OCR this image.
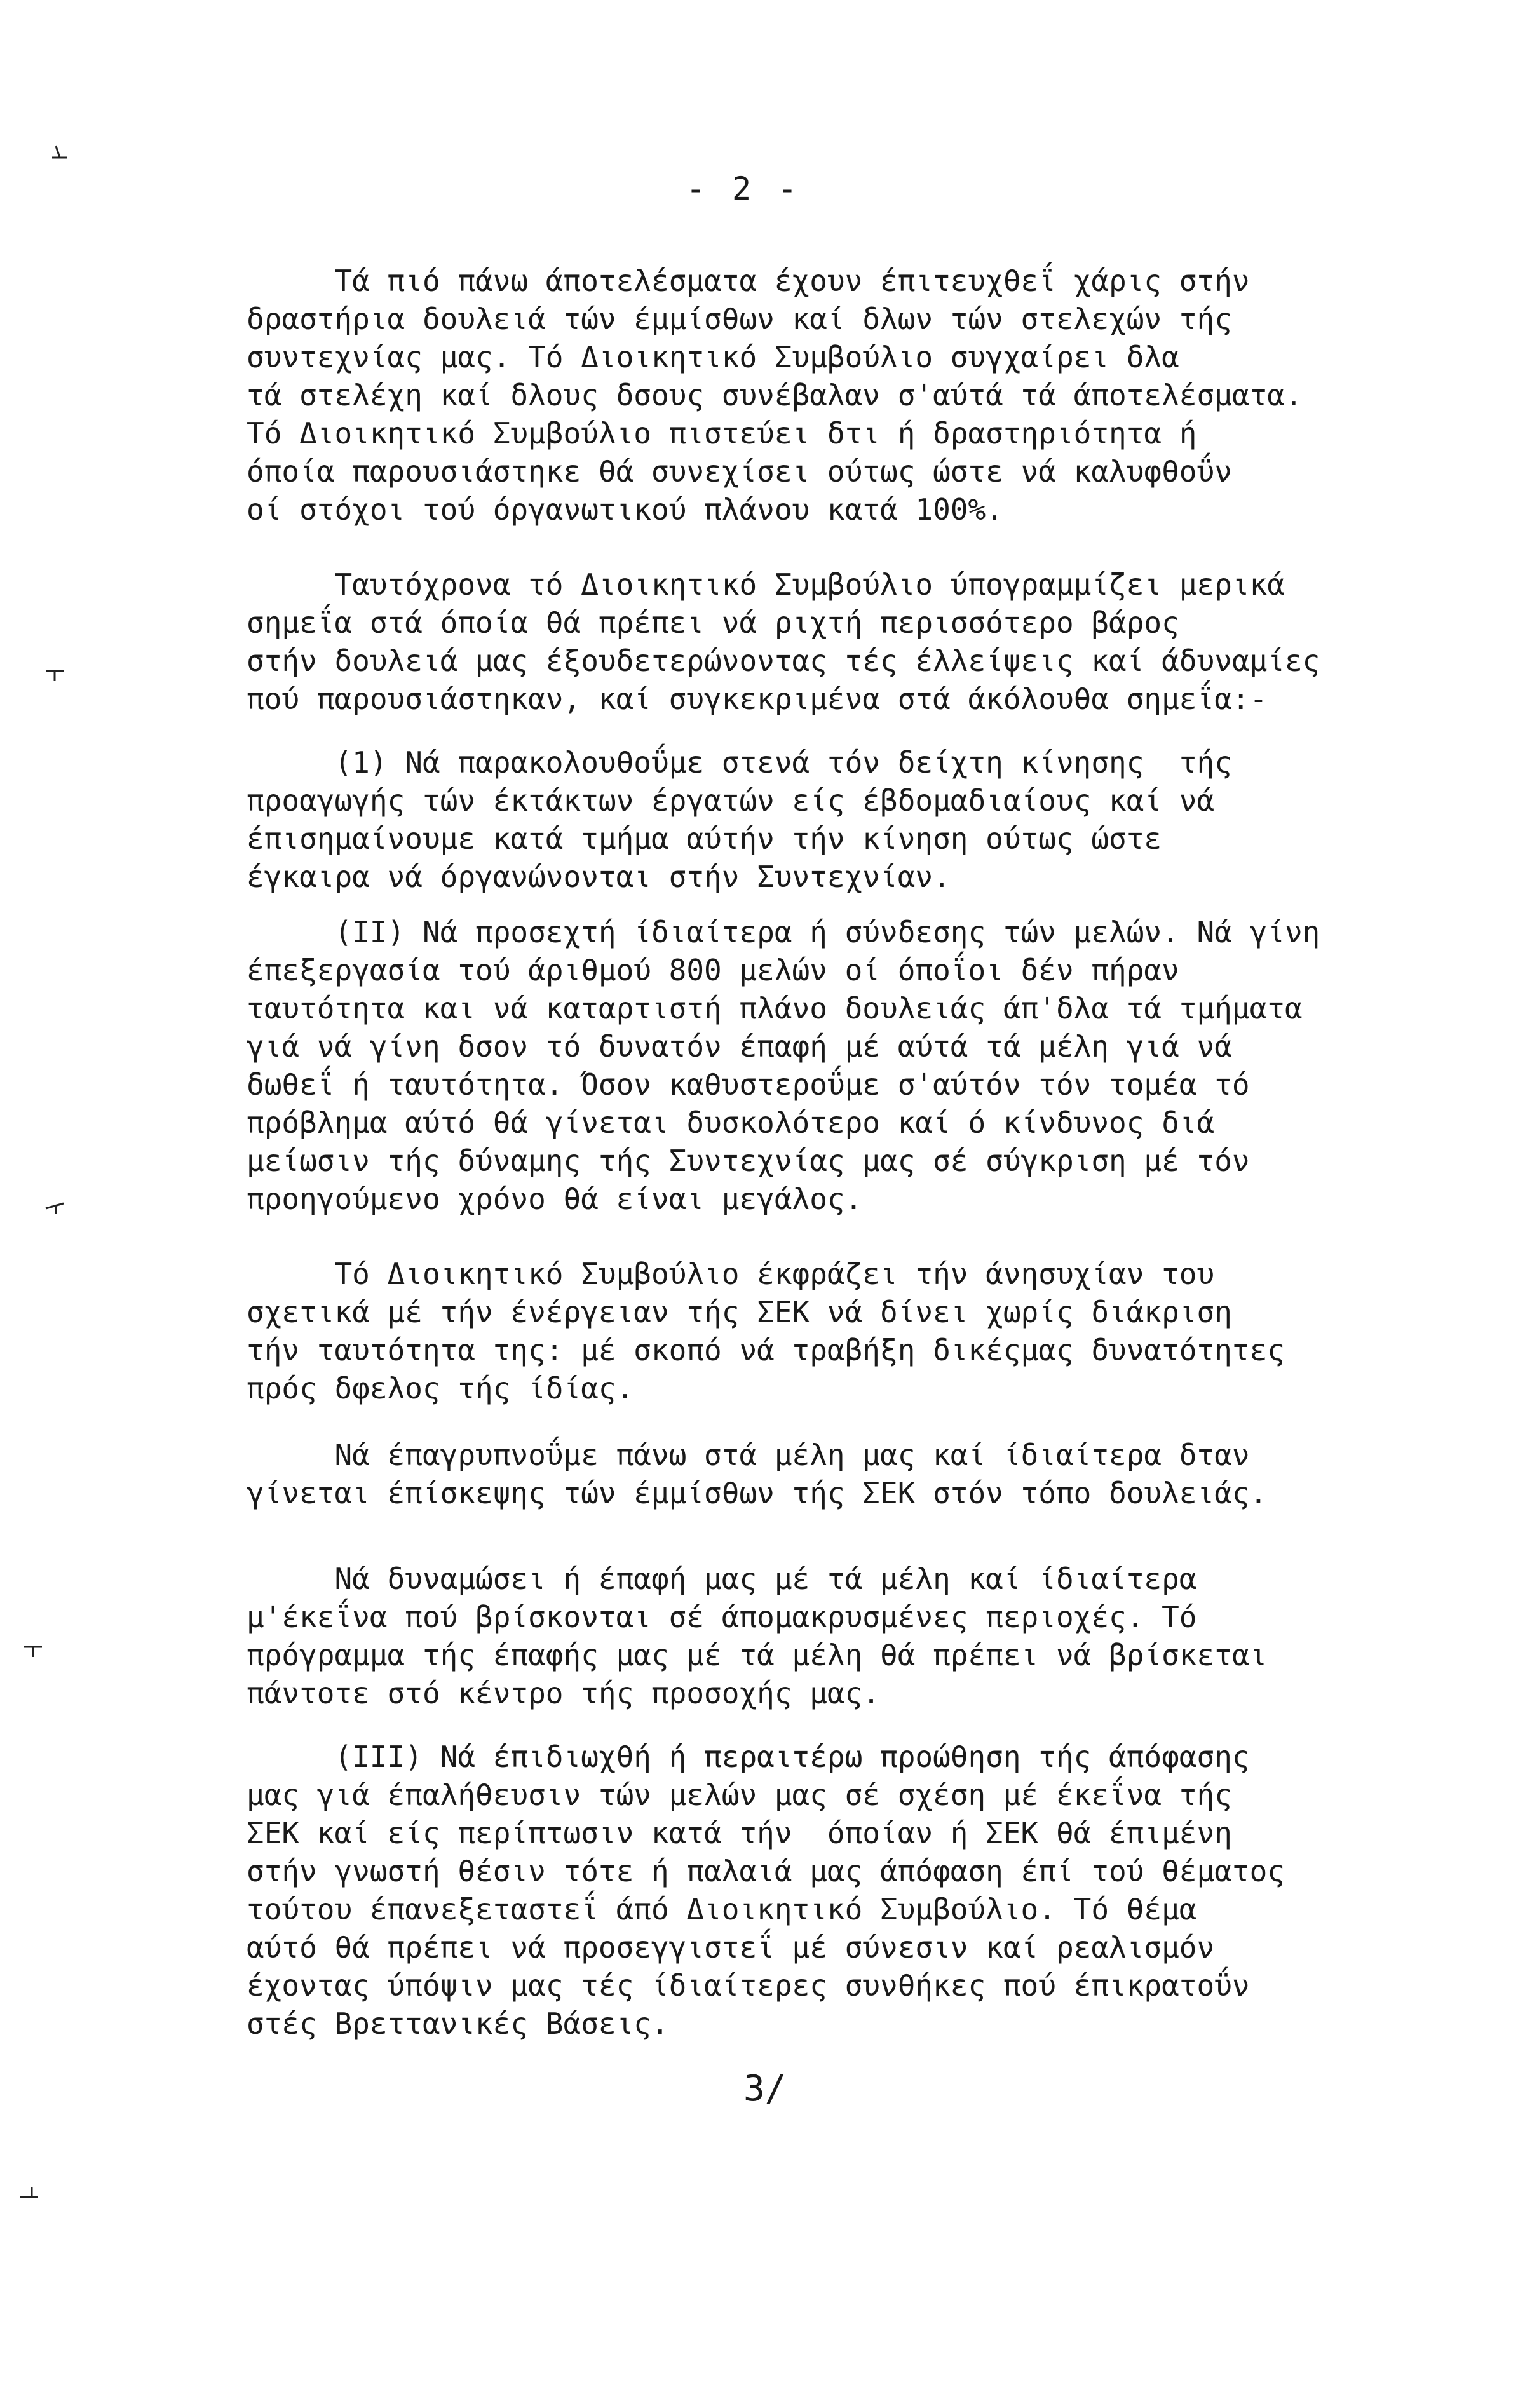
- 2 -
Τά πιό πάνω άποτελέσματα έχουν έπιτευχθεΐ χάρις στήν
δραστήρια δουλειά τών έμμίσθων καί δλων τών στελεχών τής
συντεχνίας μας. Τό Διοικητικό Συμβούλιο συγχαίρει δλα
τά στελέχη καί δλους δσους συνέβαλαν σ'αύτά τά άποτελέσματα.
Τό Διοικητικό Συμβούλιο πιστεύει δτι ή δραστηριότητα ή
όποία παρουσιάστηκε θά συνεχίσει ούτως ώστε νά καλυφθοΰν
οί στόχοι τού όργανωτικού πλάνου κατά 100%.
Ταυτόχρονα τό Διοικητικό Συμβούλιο ύπογραμμίζει μερικά
σημεΐα στά όποία θά πρέπει νά ριχτή περισσότερο βάρος
στήν δουλειά μας έξουδετερώνοντας τές έλλείψεις καί άδυναμίες
πού παρουσιάστηκαν, καί συγκεκριμένα στά άκόλουθα σημεΐα:-
(1) Νά παρακολουθοΰμε στενά τόν δείχτη κίνησης  τής
προαγωγής τών έκτάκτων έργατών είς έβδομαδιαίους καί νά
έπισημαίνουμε κατά τμήμα αύτήν τήν κίνηση ούτως ώστε
έγκαιρα νά όργανώνονται στήν Συντεχνίαν.
(ΙΙ) Νά προσεχτή ίδιαίτερα ή σύνδεσης τών μελών. Νά γίνη
έπεξεργασία τού άριθμού 800 μελών οί όποΐοι δέν πήραν
ταυτότητα και νά καταρτιστή πλάνο δουλειάς άπ'δλα τά τμήματα
γιά νά γίνη δσον τό δυνατόν έπαφή μέ αύτά τά μέλη γιά νά
δωθεΐ ή ταυτότητα. Όσον καθυστεροΰμε σ'αύτόν τόν τομέα τό
πρόβλημα αύτό θά γίνεται δυσκολότερο καί ό κίνδυνος διά
μείωσιν τής δύναμης τής Συντεχνίας μας σέ σύγκριση μέ τόν
προηγούμενο χρόνο θά είναι μεγάλος.
Τό Διοικητικό Συμβούλιο έκφράζει τήν άνησυχίαν του
σχετικά μέ τήν ένέργειαν τής ΣΕΚ νά δίνει χωρίς διάκριση
τήν ταυτότητα της: μέ σκοπό νά τραβήξη δικέςμας δυνατότητες
πρός δφελος τής ίδίας.
Νά έπαγρυπνοΰμε πάνω στά μέλη μας καί ίδιαίτερα δταν
γίνεται έπίσκεψης τών έμμίσθων τής ΣΕΚ στόν τόπο δουλειάς.
Νά δυναμώσει ή έπαφή μας μέ τά μέλη καί ίδιαίτερα
μ'έκεΐνα πού βρίσκονται σέ άπομακρυσμένες περιοχές. Τό
πρόγραμμα τής έπαφής μας μέ τά μέλη θά πρέπει νά βρίσκεται
πάντοτε στό κέντρο τής προσοχής μας.
(ΙΙΙ) Νά έπιδιωχθή ή περαιτέρω προώθηση τής άπόφασης
μας γιά έπαλήθευσιν τών μελών μας σέ σχέση μέ έκεΐνα τής
ΣΕΚ καί είς περίπτωσιν κατά τήν  όποίαν ή ΣΕΚ θά έπιμένη
στήν γνωστή θέσιν τότε ή παλαιά μας άπόφαση έπί τού θέματος
τούτου έπανεξεταστεΐ άπό Διοικητικό Συμβούλιο. Τό θέμα
αύτό θά πρέπει νά προσεγγιστεΐ μέ σύνεσιν καί ρεαλισμόν
έχοντας ύπόψιν μας τές ίδιαίτερες συνθήκες πού έπικρατοΰν
στές Βρεττανικές Βάσεις.
3/
